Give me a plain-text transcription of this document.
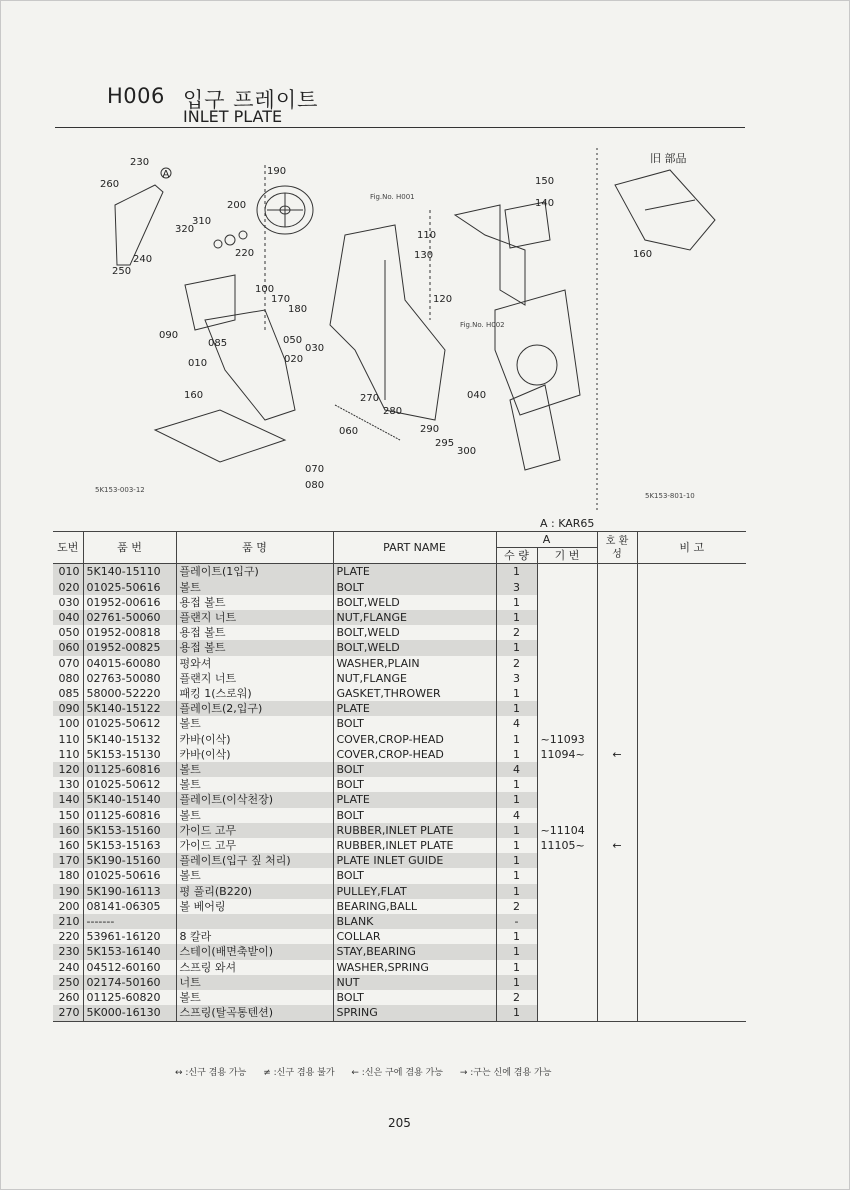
H006 입구 프레이트
INLET PLATE
230
260
190
200
310
320
220
240
250
100
170
180
090
085	050
030
020
010
160	270
280
060
070
080
150
140
110
130
120
040
290
295
300
160
A
Fig.No. H001
Fig.No. H002
旧 部品
5K153-003-12
5K153-801-10
A : KAR65
도번	품 번	품 명	PART NAME	A		호 환 성	비 고
				수 량	기 번		
010	5K140-15110	플레이트(1입구)	PLATE	1			
020	01025-50616	볼트	BOLT	3			
030	01952-00616	용접 볼트	BOLT,WELD	1			
040	02761-50060	플랜지 너트	NUT,FLANGE	1			
050	01952-00818	용접 볼트	BOLT,WELD	2			
060	01952-00825	용접 볼트	BOLT,WELD	1			
070	04015-60080	평와셔	WASHER,PLAIN	2			
080	02763-50080	플랜지 너트	NUT,FLANGE	3			
085	58000-52220	패킹 1(스로워)	GASKET,THROWER	1			
090	5K140-15122	플레이트(2,입구)	PLATE	1			
100	01025-50612	볼트	BOLT	4			
110	5K140-15132	카바(이삭)	COVER,CROP-HEAD	1	~11093		
110	5K153-15130	카바(이삭)	COVER,CROP-HEAD	1	11094~	←	
120	01125-60816	볼트	BOLT	4			
130	01025-50612	볼트	BOLT	1			
140	5K140-15140	플레이트(이삭천장)	PLATE	1			
150	01125-60816	볼트	BOLT	4			
160	5K153-15160	가이드 고무	RUBBER,INLET PLATE	1	~11104		
160	5K153-15163	가이드 고무	RUBBER,INLET PLATE	1	11105~	←	
170	5K190-15160	플레이트(입구 짚 처리)	PLATE INLET GUIDE	1			
180	01025-50616	볼트	BOLT	1			
190	5K190-16113	평 풀리(B220)	PULLEY,FLAT	1			
200	08141-06305	볼 베어링	BEARING,BALL	2			
210	-------		BLANK	-			
220	53961-16120	8 칼라	COLLAR	1			
230	5K153-16140	스테이(배면축받이)	STAY,BEARING	1			
240	04512-60160	스프링 와셔	WASHER,SPRING	1			
250	02174-50160	너트	NUT	1			
260	01125-60820	볼트	BOLT	2			
270	5K000-16130	스프링(탈곡통텐션)	SPRING	1			
↔ :신구 겸용 가능 ≠ :신구 겸용 불가 ← :신은 구에 겸용 가능 → :구는 신에 겸용 가능
205
